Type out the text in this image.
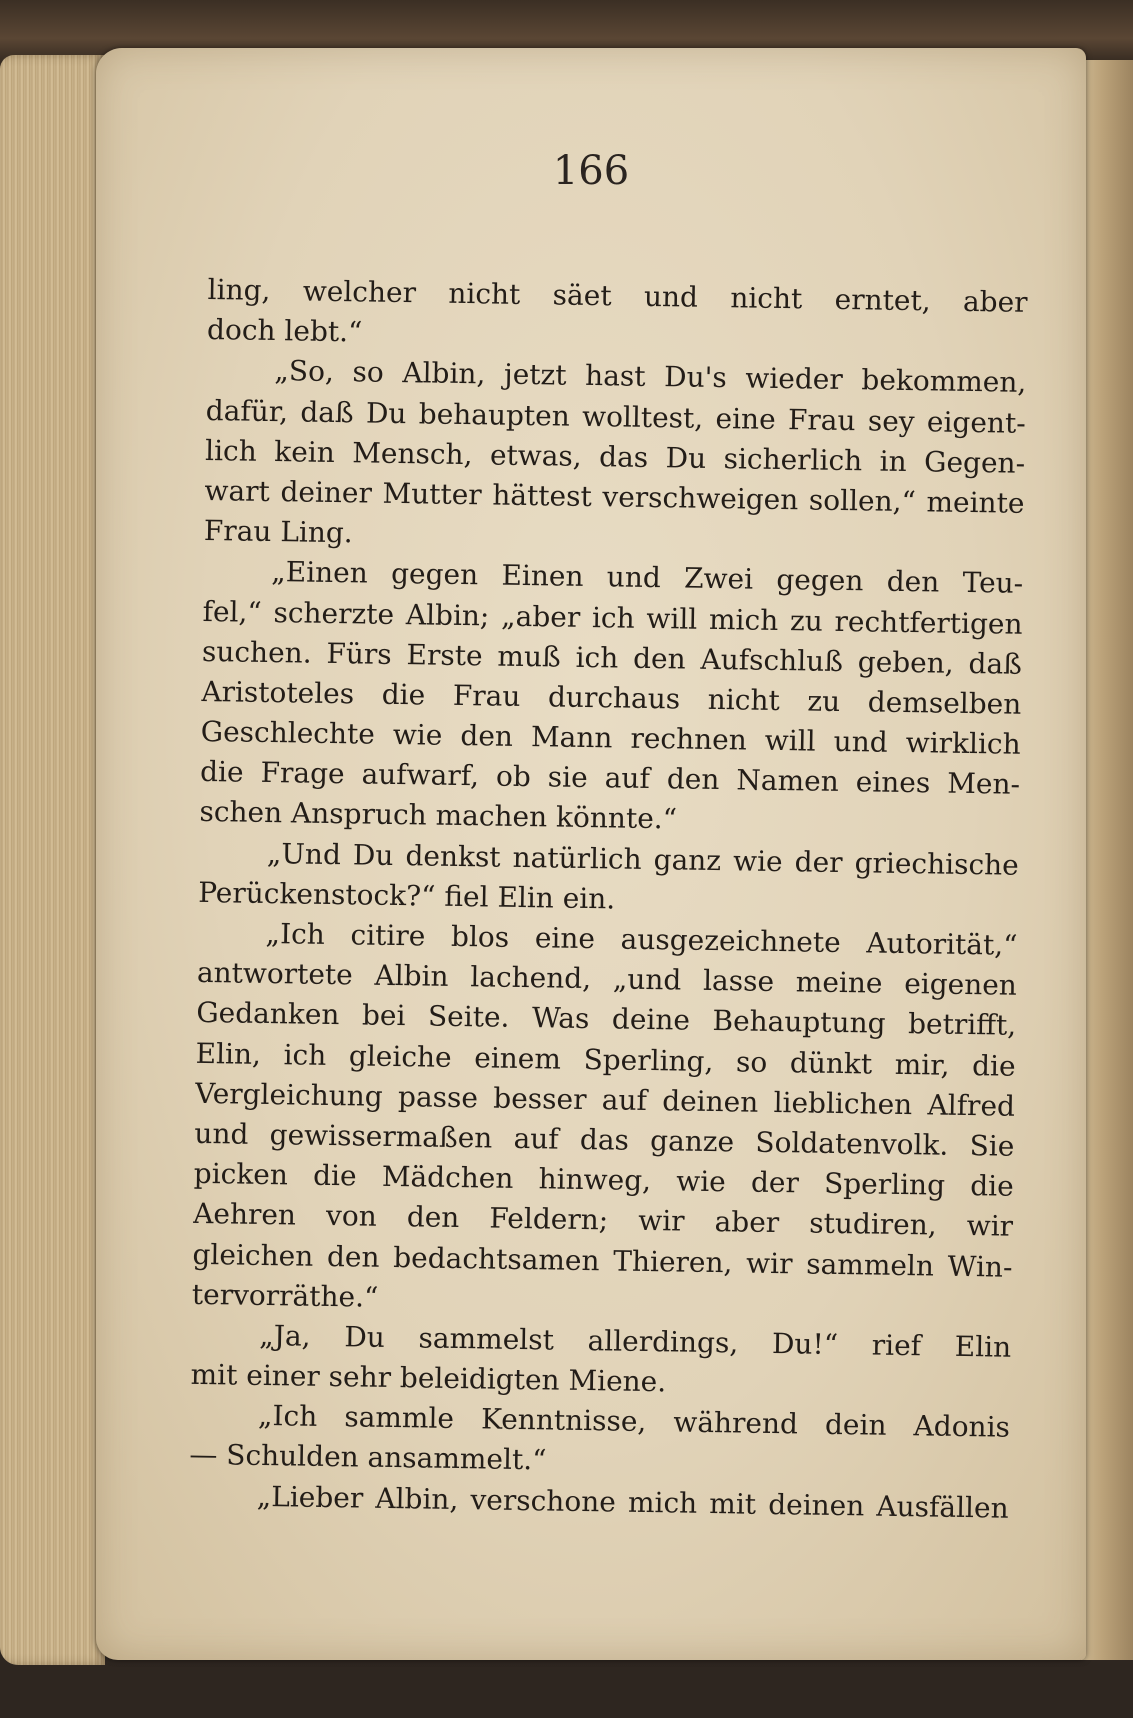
166
ling, welcher nicht säet und nicht erntet, aber
doch lebt.“
„So, so Albin, jetzt hast Du's wieder bekommen,
dafür, daß Du behaupten wolltest, eine Frau sey eigent-
lich kein Mensch, etwas, das Du sicherlich in Gegen-
wart deiner Mutter hättest verschweigen sollen,“ meinte
Frau Ling.
„Einen gegen Einen und Zwei gegen den Teu-
fel,“ scherzte Albin; „aber ich will mich zu rechtfertigen
suchen. Fürs Erste muß ich den Aufschluß geben, daß
Aristoteles die Frau durchaus nicht zu demselben
Geschlechte wie den Mann rechnen will und wirklich
die Frage aufwarf, ob sie auf den Namen eines Men-
schen Anspruch machen könnte.“
„Und Du denkst natürlich ganz wie der griechische
Perückenstock?“ fiel Elin ein.
„Ich citire blos eine ausgezeichnete Autorität,“
antwortete Albin lachend, „und lasse meine eigenen
Gedanken bei Seite. Was deine Behauptung betrifft,
Elin, ich gleiche einem Sperling, so dünkt mir, die
Vergleichung passe besser auf deinen lieblichen Alfred
und gewissermaßen auf das ganze Soldatenvolk. Sie
picken die Mädchen hinweg, wie der Sperling die
Aehren von den Feldern; wir aber studiren, wir
gleichen den bedachtsamen Thieren, wir sammeln Win-
tervorräthe.“
„Ja, Du sammelst allerdings, Du!“ rief Elin
mit einer sehr beleidigten Miene.
„Ich sammle Kenntnisse, während dein Adonis
— Schulden ansammelt.“
„Lieber Albin, verschone mich mit deinen Ausfällen
